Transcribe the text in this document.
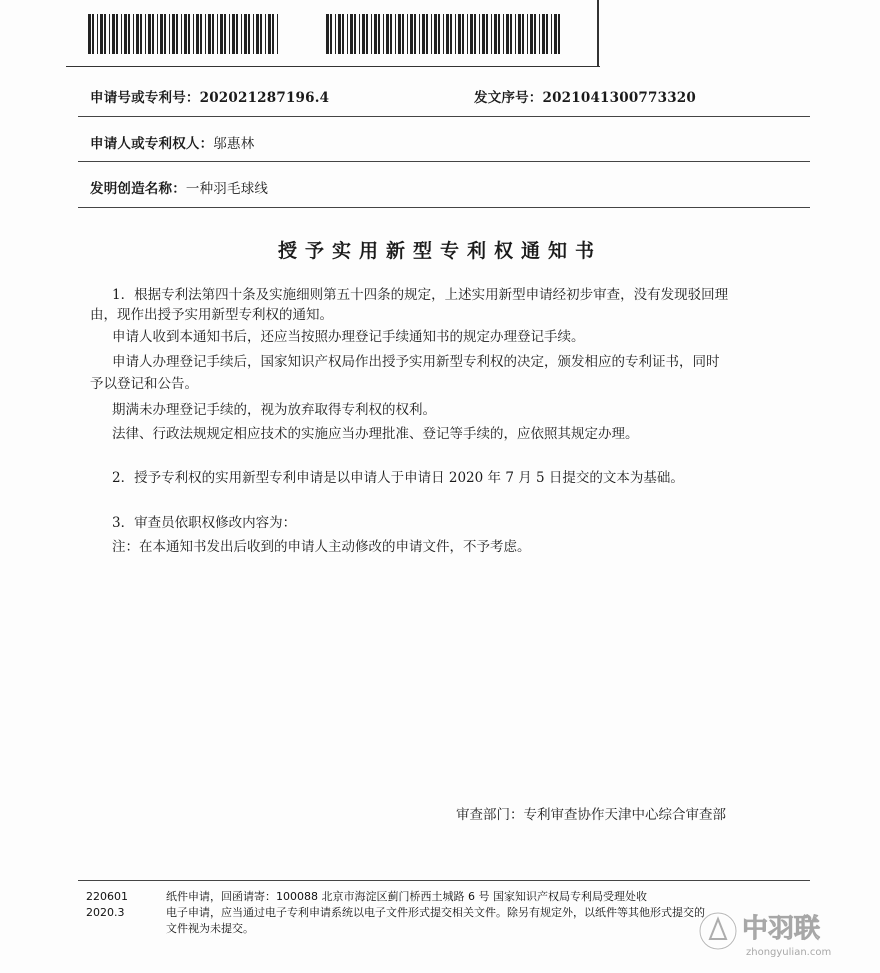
申请号或专利号：202021287196.4	发文序号：2021041300773320
申请人或专利权人：邬惠林
发明创造名称：一种羽毛球线
授予实用新型专利权通知书
1．根据专利法第四十条及实施细则第五十四条的规定，上述实用新型申请经初步审查，没有发现驳回理
由，现作出授予实用新型专利权的通知。
申请人收到本通知书后，还应当按照办理登记手续通知书的规定办理登记手续。
申请人办理登记手续后，国家知识产权局作出授予实用新型专利权的决定，颁发相应的专利证书，同时
予以登记和公告。
期满未办理登记手续的，视为放弃取得专利权的权利。
法律、行政法规规定相应技术的实施应当办理批准、登记等手续的，应依照其规定办理。
2．授予专利权的实用新型专利申请是以申请人于申请日 2020 年 7 月 5 日提交的文本为基础。
3．审查员依职权修改内容为：
注：在本通知书发出后收到的申请人主动修改的申请文件，不予考虑。
审查部门：专利审查协作天津中心综合审查部
220601
2020.3
纸件申请，回函请寄：100088 北京市海淀区蓟门桥西土城路 6 号 国家知识产权局专利局受理处收
电子申请，应当通过电子专利申请系统以电子文件形式提交相关文件。除另有规定外，以纸件等其他形式提交的
文件视为未提交。	中羽联
zhongyulian.com
